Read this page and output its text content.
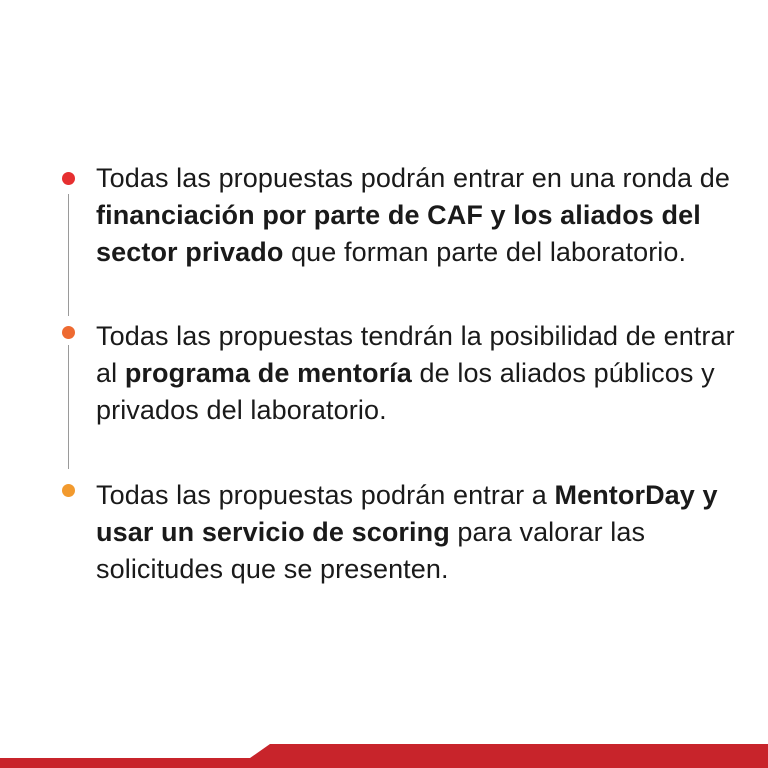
Todas las propuestas podrán entrar en una ronda de financiación por parte de CAF y los aliados del sector privado que forman parte del laboratorio.
Todas las propuestas tendrán la posibilidad de entrar al programa de mentoría de los aliados públicos y privados del laboratorio.
Todas las propuestas podrán entrar a MentorDay y usar un servicio de scoring para valorar las solicitudes que se presenten.
